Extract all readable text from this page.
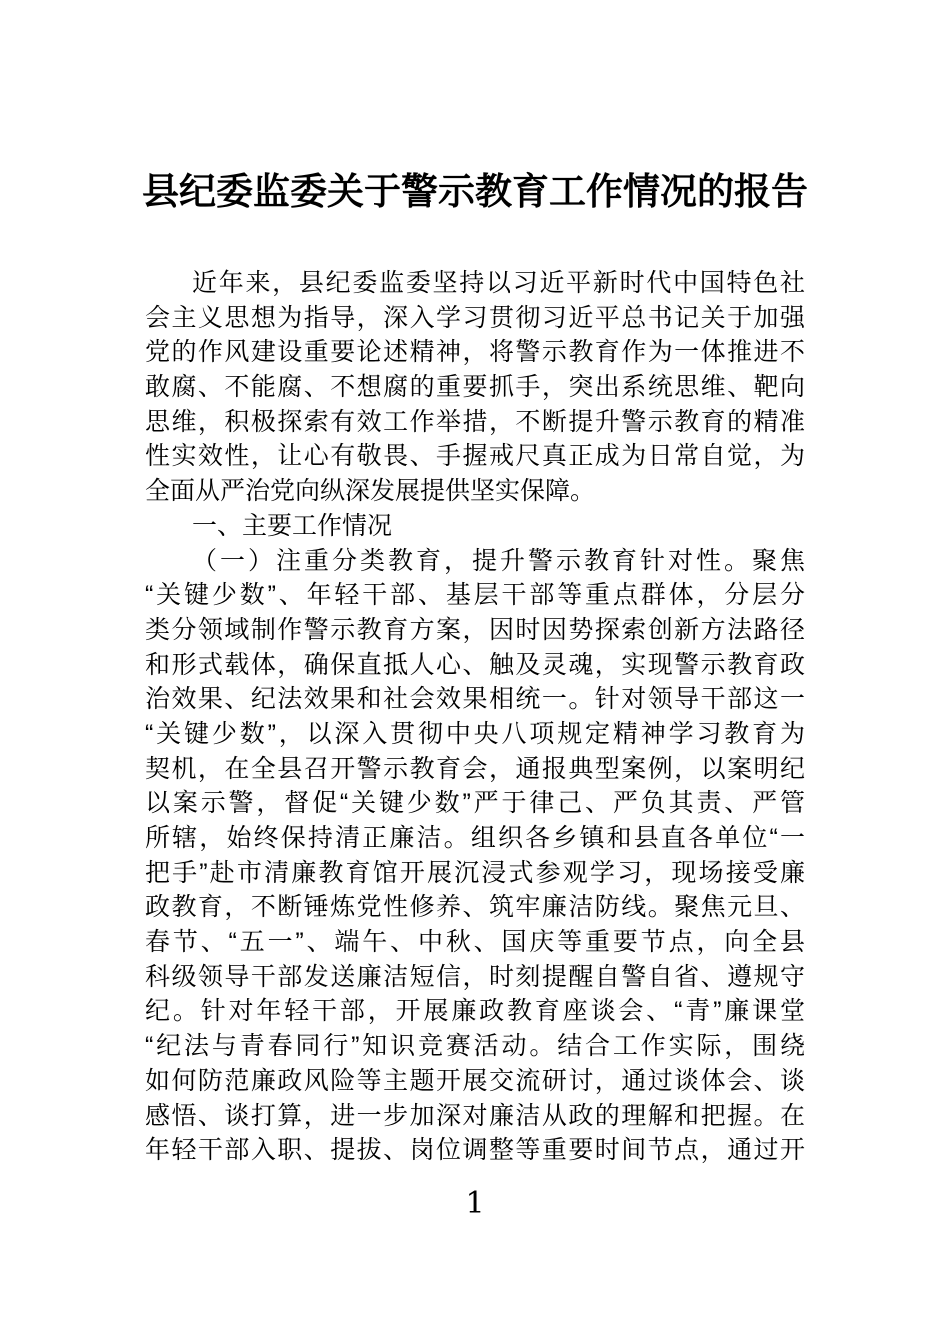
县纪委监委关于警示教育工作情况的报告
近年来，县纪委监委坚持以习近平新时代中国特色社
会主义思想为指导，深入学习贯彻习近平总书记关于加强
党的作风建设重要论述精神，将警示教育作为一体推进不
敢腐、不能腐、不想腐的重要抓手，突出系统思维、靶向
思维，积极探索有效工作举措，不断提升警示教育的精准
性实效性，让心有敬畏、手握戒尺真正成为日常自觉，为
全面从严治党向纵深发展提供坚实保障。
一、主要工作情况
（一）注重分类教育，提升警示教育针对性。聚焦
“关键少数”、年轻干部、基层干部等重点群体，分层分
类分领域制作警示教育方案，因时因势探索创新方法路径
和形式载体，确保直抵人心、触及灵魂，实现警示教育政
治效果、纪法效果和社会效果相统一。针对领导干部这一
“关键少数”，以深入贯彻中央八项规定精神学习教育为
契机，在全县召开警示教育会，通报典型案例，以案明纪
以案示警，督促“关键少数”严于律己、严负其责、严管
所辖，始终保持清正廉洁。组织各乡镇和县直各单位“一
把手”赴市清廉教育馆开展沉浸式参观学习，现场接受廉
政教育，不断锤炼党性修养、筑牢廉洁防线。聚焦元旦、
春节、“五一”、端午、中秋、国庆等重要节点，向全县
科级领导干部发送廉洁短信，时刻提醒自警自省、遵规守
纪。针对年轻干部，开展廉政教育座谈会、“青”廉课堂
“纪法与青春同行”知识竞赛活动。结合工作实际，围绕
如何防范廉政风险等主题开展交流研讨，通过谈体会、谈
感悟、谈打算，进一步加深对廉洁从政的理解和把握。在
年轻干部入职、提拔、岗位调整等重要时间节点，通过开
1
